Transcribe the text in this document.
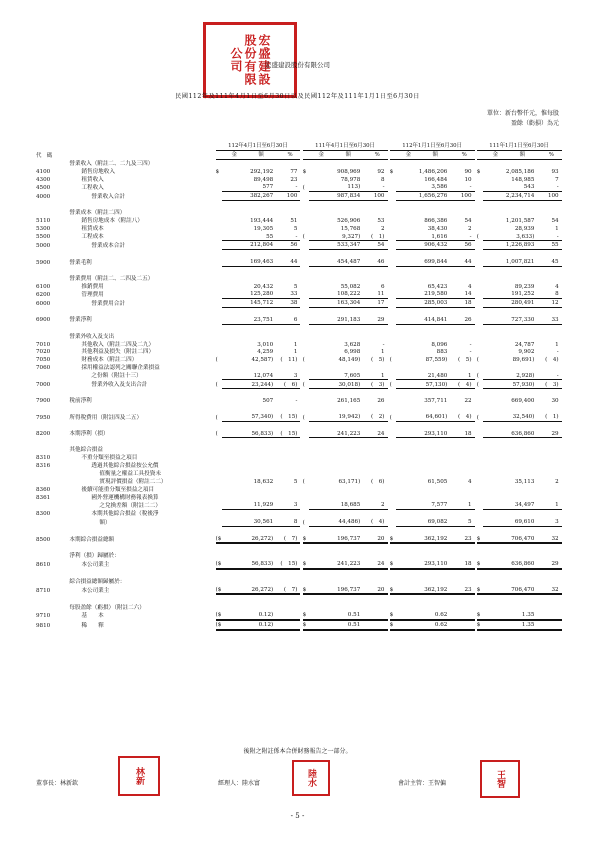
宏盛建設
股份有限
公司	宏盛建設股份有限公司
民國112年及111年4月1日至6月30日以及民國112年及111年1月1日至6月30日
單位：新台幣仟元，惟每股
盈餘（虧損）為元
		112年4月1日至6月30日					111年4月1日至6月30日					112年1月1日至6月30日					111年1月1日至6月30日				
代　碼		金　　　　額			%		金　　　　額			%		金　　　　額			%		金　　　　額			%	
	營業收入（附註二、二九及三四）																				
4100	銷售房地收入	$	292,192		77		$	908,969		92		$	1,486,206		90		$	2,085,186		93	
4300	租賃收入		89,498		23			78,978		8			166,484		10			148,985		7	
4500	工程收入		577		-		(	113)		-			3,586		-			543		-	
4000	營業收入合計		382,267		100			987,834		100			1,656,276		100			2,234,714		100	

	營業成本（附註二四）																				
5110	銷售房地成本（附註八）		193,444		51			526,906		53			866,386		54			1,201,587		54	
5300	租賃成本		19,305		5			15,768		2			38,430		2			28,939		1	
5500	工程成本		55		-		(	9,327)		(　1)			1,616		-		(	3,633)		-	
5000	營業成本合計		212,804		56			533,347		54			906,432		56			1,226,893		55	

5900	營業毛利		169,463		44			454,487		46			699,844		44			1,007,821		45	

	營業費用（附註二、二四及二五）																				
6100	推銷費用		20,432		5			55,082		6			65,423		4			89,239		4	
6200	管理費用		125,280		33			108,222		11			219,580		14			191,252		8	
6000	營業費用合計		145,712		38			163,304		17			285,003		18			280,491		12	

6900	營業淨利		23,751		6			291,183		29			414,841		26			727,330		33	

	營業外收入及支出																				
7010	其他收入（附註二四及二九）		3,010		1			3,628		-			8,096		-			24,787		1	
7020	其他利益及損失（附註二四）		4,259		1			6,998		1			883		-			9,902		-	
7050	財務成本（附註二四）	(	42,587)		(　11)		(	48,149)		(　5)		(	87,559)		(　5)		(	89,691)		(　4)	
7060	採用權益法認列之關聯企業損益																				
	之份額（附註十三）		12,074		3			7,605		1			21,480		1		(	2,928)		-	
7000	營業外收入及支出合計	(	23,244)		(　6)		(	30,018)		(　3)		(	57,130)		(　4)		(	57,930)		(　3)	

7900	稅前淨利		507		-			261,165		26			357,711		22			669,400		30	

7950	所得稅費用（附註四及二五）	(	57,340)		(　15)		(	19,942)		(　2)		(	64,601)		(　4)		(	32,540)		(　1)	

8200	本期淨利（損）	(	56,833)		(　15)			241,223		24			293,110		18			636,860		29	

	其他綜合損益																				
8310	不重分類至損益之項目																				
8316	透過其他綜合損益按公允價																				
	值衡量之權益工具投資未																				
	實現評價損益（附註二二）		18,632		5		(	63,171)		(　6)			61,505		4			35,113		2	
8360	後續可能重分類至損益之項目																				
8361	國外營運機構財務報表換算																				
	之兌換差額（附註二二）		11,929		3			18,685		2			7,577		1			34,497		1	
8300	本期其他綜合損益（稅後淨																				
	額）		30,561		8		(	44,486)		(　4)			69,082		5			69,610		3	

8500	本期綜合損益總額	($	26,272)		(　7)		$	196,737		20		$	362,192		23		$	706,470		32	

	淨利（損）歸屬於：																				
8610	本公司業主	($	56,833)		(　15)		$	241,223		24		$	293,110		18		$	636,860		29	

	綜合損益總額歸屬於：																				
8710	本公司業主	($	26,272)		(　7)		$	196,737		20		$	362,192		23		$	706,470		32	

	每股盈餘（虧損）（附註二六）																				
9710	基　　本	($	0.12)				$	0.51				$	0.62				$	1.35			
9810	稀　　釋	($	0.12)				$	0.51				$	0.62				$	1.35			
後附之附註係本合併財務報告之一部分。
董事長：林新欽	林新	經理人：陸水富	陸水	會計主管：王智偏	王智
- 5 -
